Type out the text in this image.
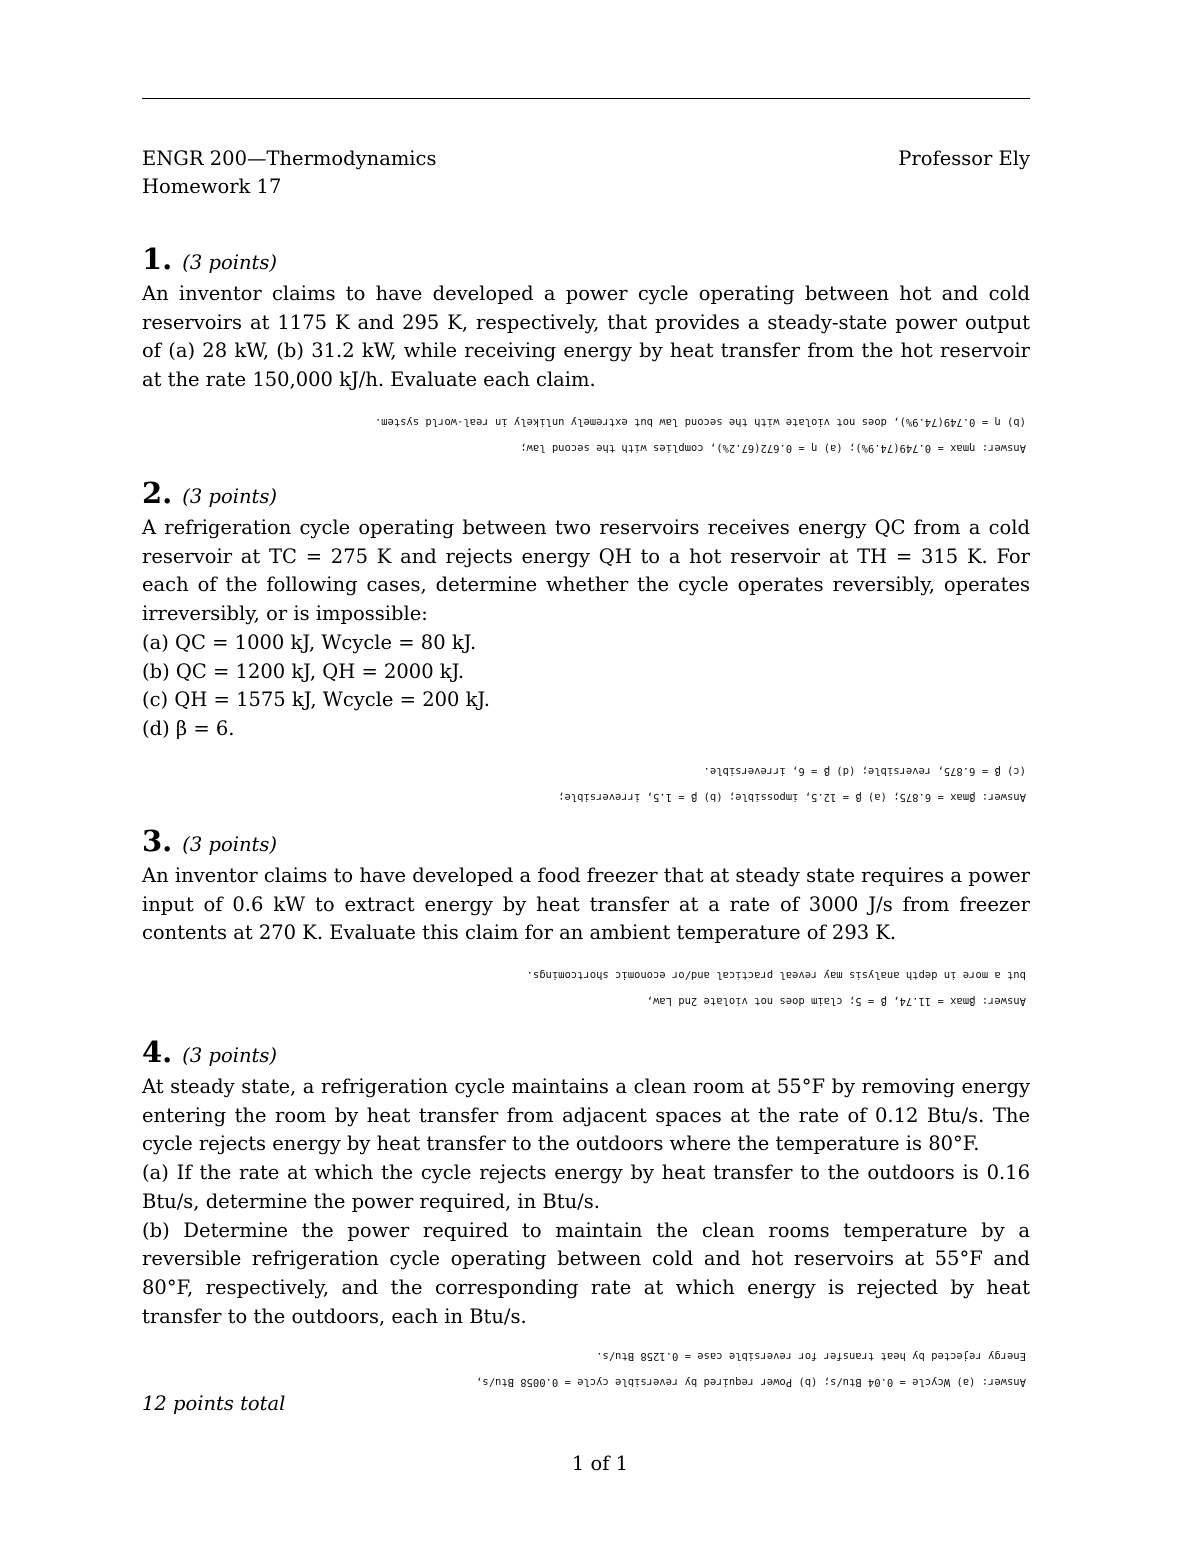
ENGR 200—Thermodynamics
Homework 17
Professor Ely
1. (3 points)

An inventor claims to have developed a power cycle operating between hot and cold reservoirs at 1175 K and 295 K, respectively, that provides a steady-state power output of (a) 28 kW, (b) 31.2 kW, while receiving energy by heat transfer from the hot reservoir at the rate 150,000 kJ/h. Evaluate each claim.

Answer: ηmax = 0.749(74.9%); (a) η = 0.672(67.2%), complies with the second law;
(b) η = 0.749(74.9%), does not violate with the second law but extremely unlikely in real-world system.
2. (3 points)

A refrigeration cycle operating between two reservoirs receives energy QC from a cold reservoir at TC = 275 K and rejects energy QH to a hot reservoir at TH = 315 K. For each of the following cases, determine whether the cycle operates reversibly, operates irreversibly, or is impossible:

(a) QC = 1000 kJ, Wcycle = 80 kJ.

(b) QC = 1200 kJ, QH = 2000 kJ.

(c) QH = 1575 kJ, Wcycle = 200 kJ.

(d) β = 6.

Answer: βmax = 6.875; (a) β = 12.5, impossible; (b) β = 1.5, irreversible;
(c) β = 6.875, reversible; (d) β = 6, irreversible.
3. (3 points)

An inventor claims to have developed a food freezer that at steady state requires a power input of 0.6 kW to extract energy by heat transfer at a rate of 3000 J/s from freezer contents at 270 K. Evaluate this claim for an ambient temperature of 293 K.

Answer: βmax = 11.74, β = 5; claim does not violate 2nd Law,
but a more in depth analysis may reveal practical and/or economic shortcomings.
4. (3 points)

At steady state, a refrigeration cycle maintains a clean room at 55°F by removing energy entering the room by heat transfer from adjacent spaces at the rate of 0.12 Btu/s. The cycle rejects energy by heat transfer to the outdoors where the temperature is 80°F.

(a) If the rate at which the cycle rejects energy by heat transfer to the outdoors is 0.16 Btu/s, determine the power required, in Btu/s.

(b) Determine the power required to maintain the clean rooms temperature by a reversible refrigeration cycle operating between cold and hot reservoirs at 55°F and 80°F, respectively, and the corresponding rate at which energy is rejected by heat transfer to the outdoors, each in Btu/s.

Answer: (a) Wcycle = 0.04 Btu/s; (b) Power required by reversible cycle = 0.0058 Btu/s,
Energy rejected by heat transfer for reversible case = 0.1258 Btu/s.
12 points total
1 of 1
